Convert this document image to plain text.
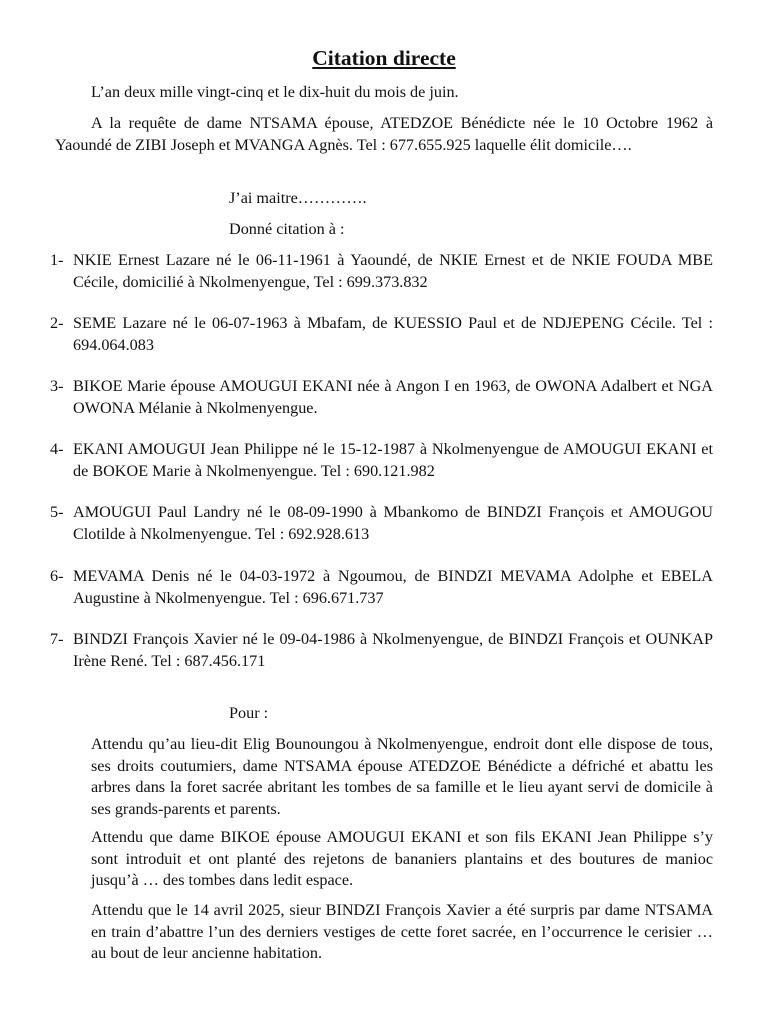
Citation directe
L’an deux mille vingt-cinq et le dix-huit du mois de juin.
A la requête de dame NTSAMA épouse, ATEDZOE Bénédicte née le 10 Octobre 1962 à Yaoundé de ZIBI Joseph et MVANGA Agnès. Tel : 677.655.925 laquelle élit domicile….
J’ai maitre………….
Donné citation à :
1- NKIE Ernest Lazare né le 06-11-1961 à Yaoundé, de NKIE Ernest et de NKIE FOUDA MBE Cécile, domicilié à Nkolmenyengue, Tel : 699.373.832
2- SEME Lazare né le 06-07-1963 à Mbafam, de KUESSIO Paul et de NDJEPENG Cécile. Tel : 694.064.083
3- BIKOE Marie épouse AMOUGUI EKANI née à Angon I en 1963, de OWONA Adalbert et NGA OWONA Mélanie à Nkolmenyengue.
4- EKANI AMOUGUI Jean Philippe né le 15-12-1987 à Nkolmenyengue de AMOUGUI EKANI et de BOKOE Marie à Nkolmenyengue. Tel : 690.121.982
5- AMOUGUI Paul Landry né le 08-09-1990 à Mbankomo de BINDZI François et AMOUGOU Clotilde à Nkolmenyengue. Tel : 692.928.613
6- MEVAMA Denis né le 04-03-1972 à Ngoumou, de BINDZI MEVAMA Adolphe et EBELA Augustine à Nkolmenyengue. Tel : 696.671.737
7- BINDZI François Xavier né le 09-04-1986 à Nkolmenyengue, de BINDZI François et OUNKAP Irène René. Tel : 687.456.171
Pour :
Attendu qu’au lieu-dit Elig Bounoungou à Nkolmenyengue, endroit dont elle dispose de tous, ses droits coutumiers, dame NTSAMA épouse ATEDZOE Bénédicte a défriché et abattu les arbres dans la foret sacrée abritant les tombes de sa famille et le lieu ayant servi de domicile à ses grands-parents et parents.
Attendu que dame BIKOE épouse AMOUGUI EKANI et son fils EKANI Jean Philippe s’y sont introduit et ont planté des rejetons de bananiers plantains et des boutures de manioc jusqu’à … des tombes dans ledit espace.
Attendu que le 14 avril 2025, sieur BINDZI François Xavier a été surpris par dame NTSAMA en train d’abattre l’un des derniers vestiges de cette foret sacrée, en l’occurrence le cerisier … au bout de leur ancienne habitation.
